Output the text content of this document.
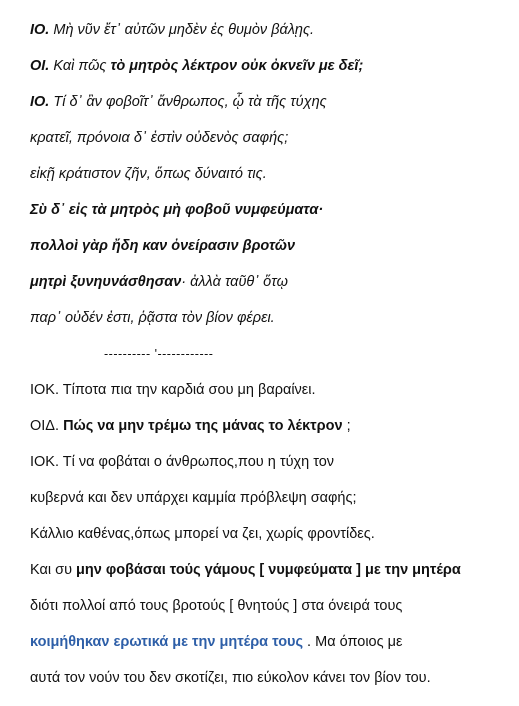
ΙΟ. Μὴ νῦν ἔτ᾽ αὐτῶν μηδὲν ἐς θυμὸν βάλῃς.
ΟΙ. Καὶ πῶς τὸ μητρὸς λέκτρον οὐκ ὀκνεῖν με δεῖ;
ΙΟ. Τί δ᾽ ἂν φοβοῖτ᾽ ἄνθρωπος, ᾧ τὰ τῆς τύχης
κρατεῖ, πρόνοια δ᾽ ἐστὶν οὐδενὸς σαφής;
εἰκῇ κράτιστον ζῆν, ὅπως δύναιτό τις.
Σὺ δ᾽ εἰς τὰ μητρὸς μὴ φοβοῦ νυμφεύματα·
πολλοὶ γὰρ ἤδη καν ὀνείρασιν βροτῶν
μητρὶ ξυνηυνάσθησαν· ἀλλὰ ταῦθ᾽ ὅτῳ
παρ᾽ οὐδέν ἐστι, ῥᾷστα τὸν βίον φέρει.
---------- '------------
ΙΟΚ. Τίποτα πια την καρδιά σου μη βαραίνει.
ΟΙΔ. Πώς να μην τρέμω της μάνας το λέκτρον ;
ΙΟΚ. Τί να φοβάται ο άνθρωπος,που η τύχη τον
κυβερνά και δεν υπάρχει καμμία πρόβλεψη σαφής;
Κάλλιο καθένας,όπως μπορεί να ζει, χωρίς φροντίδες.
Και συ μην φοβάσαι τούς γάμους [ νυμφεύματα ] με την μητέρα
διότι πολλοί από τους βροτούς [ θνητούς ] στα όνειρά τους
κοιμήθηκαν ερωτικά με την μητέρα τους . Μα όποιος με
αυτά τον νούν του δεν σκοτίζει, πιο εύκολον κάνει τον βίον του.
